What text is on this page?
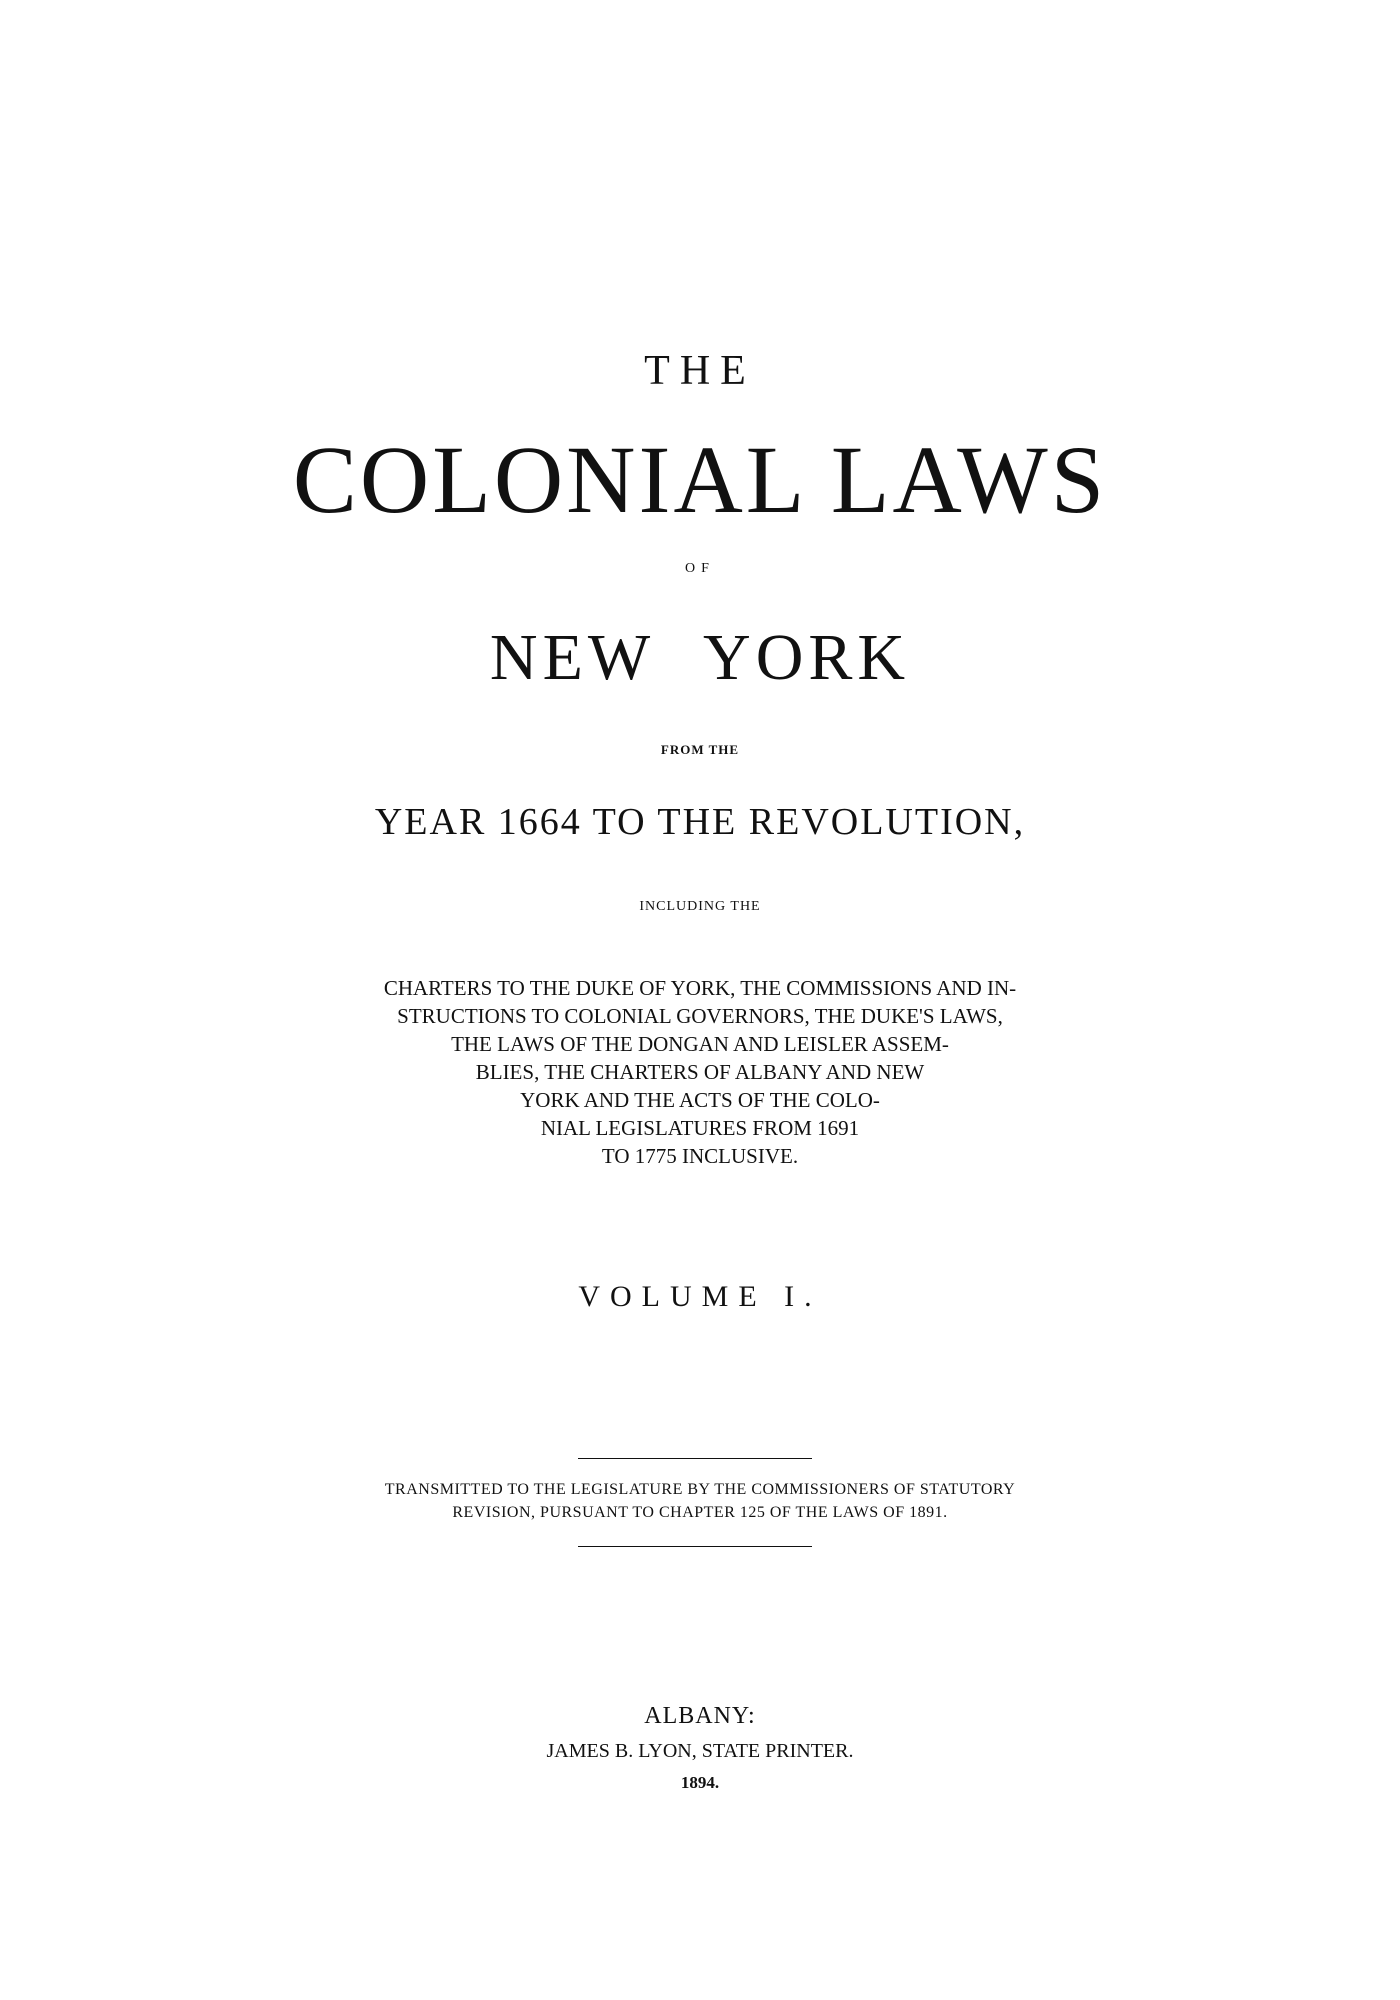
THE

COLONIAL LAWS

OF

NEW YORK

FROM THE

YEAR 1664 TO THE REVOLUTION,

INCLUDING THE

CHARTERS TO THE DUKE OF YORK, THE COMMISSIONS AND IN-
STRUCTIONS TO COLONIAL GOVERNORS, THE DUKE'S LAWS,
THE LAWS OF THE DONGAN AND LEISLER ASSEM-
BLIES, THE CHARTERS OF ALBANY AND NEW
YORK AND THE ACTS OF THE COLO-
NIAL LEGISLATURES FROM 1691
TO 1775 INCLUSIVE.

VOLUME I.

TRANSMITTED TO THE LEGISLATURE BY THE COMMISSIONERS OF STATUTORY
REVISION, PURSUANT TO CHAPTER 125 OF THE LAWS OF 1891.

ALBANY:

JAMES B. LYON, STATE PRINTER.

1894.
